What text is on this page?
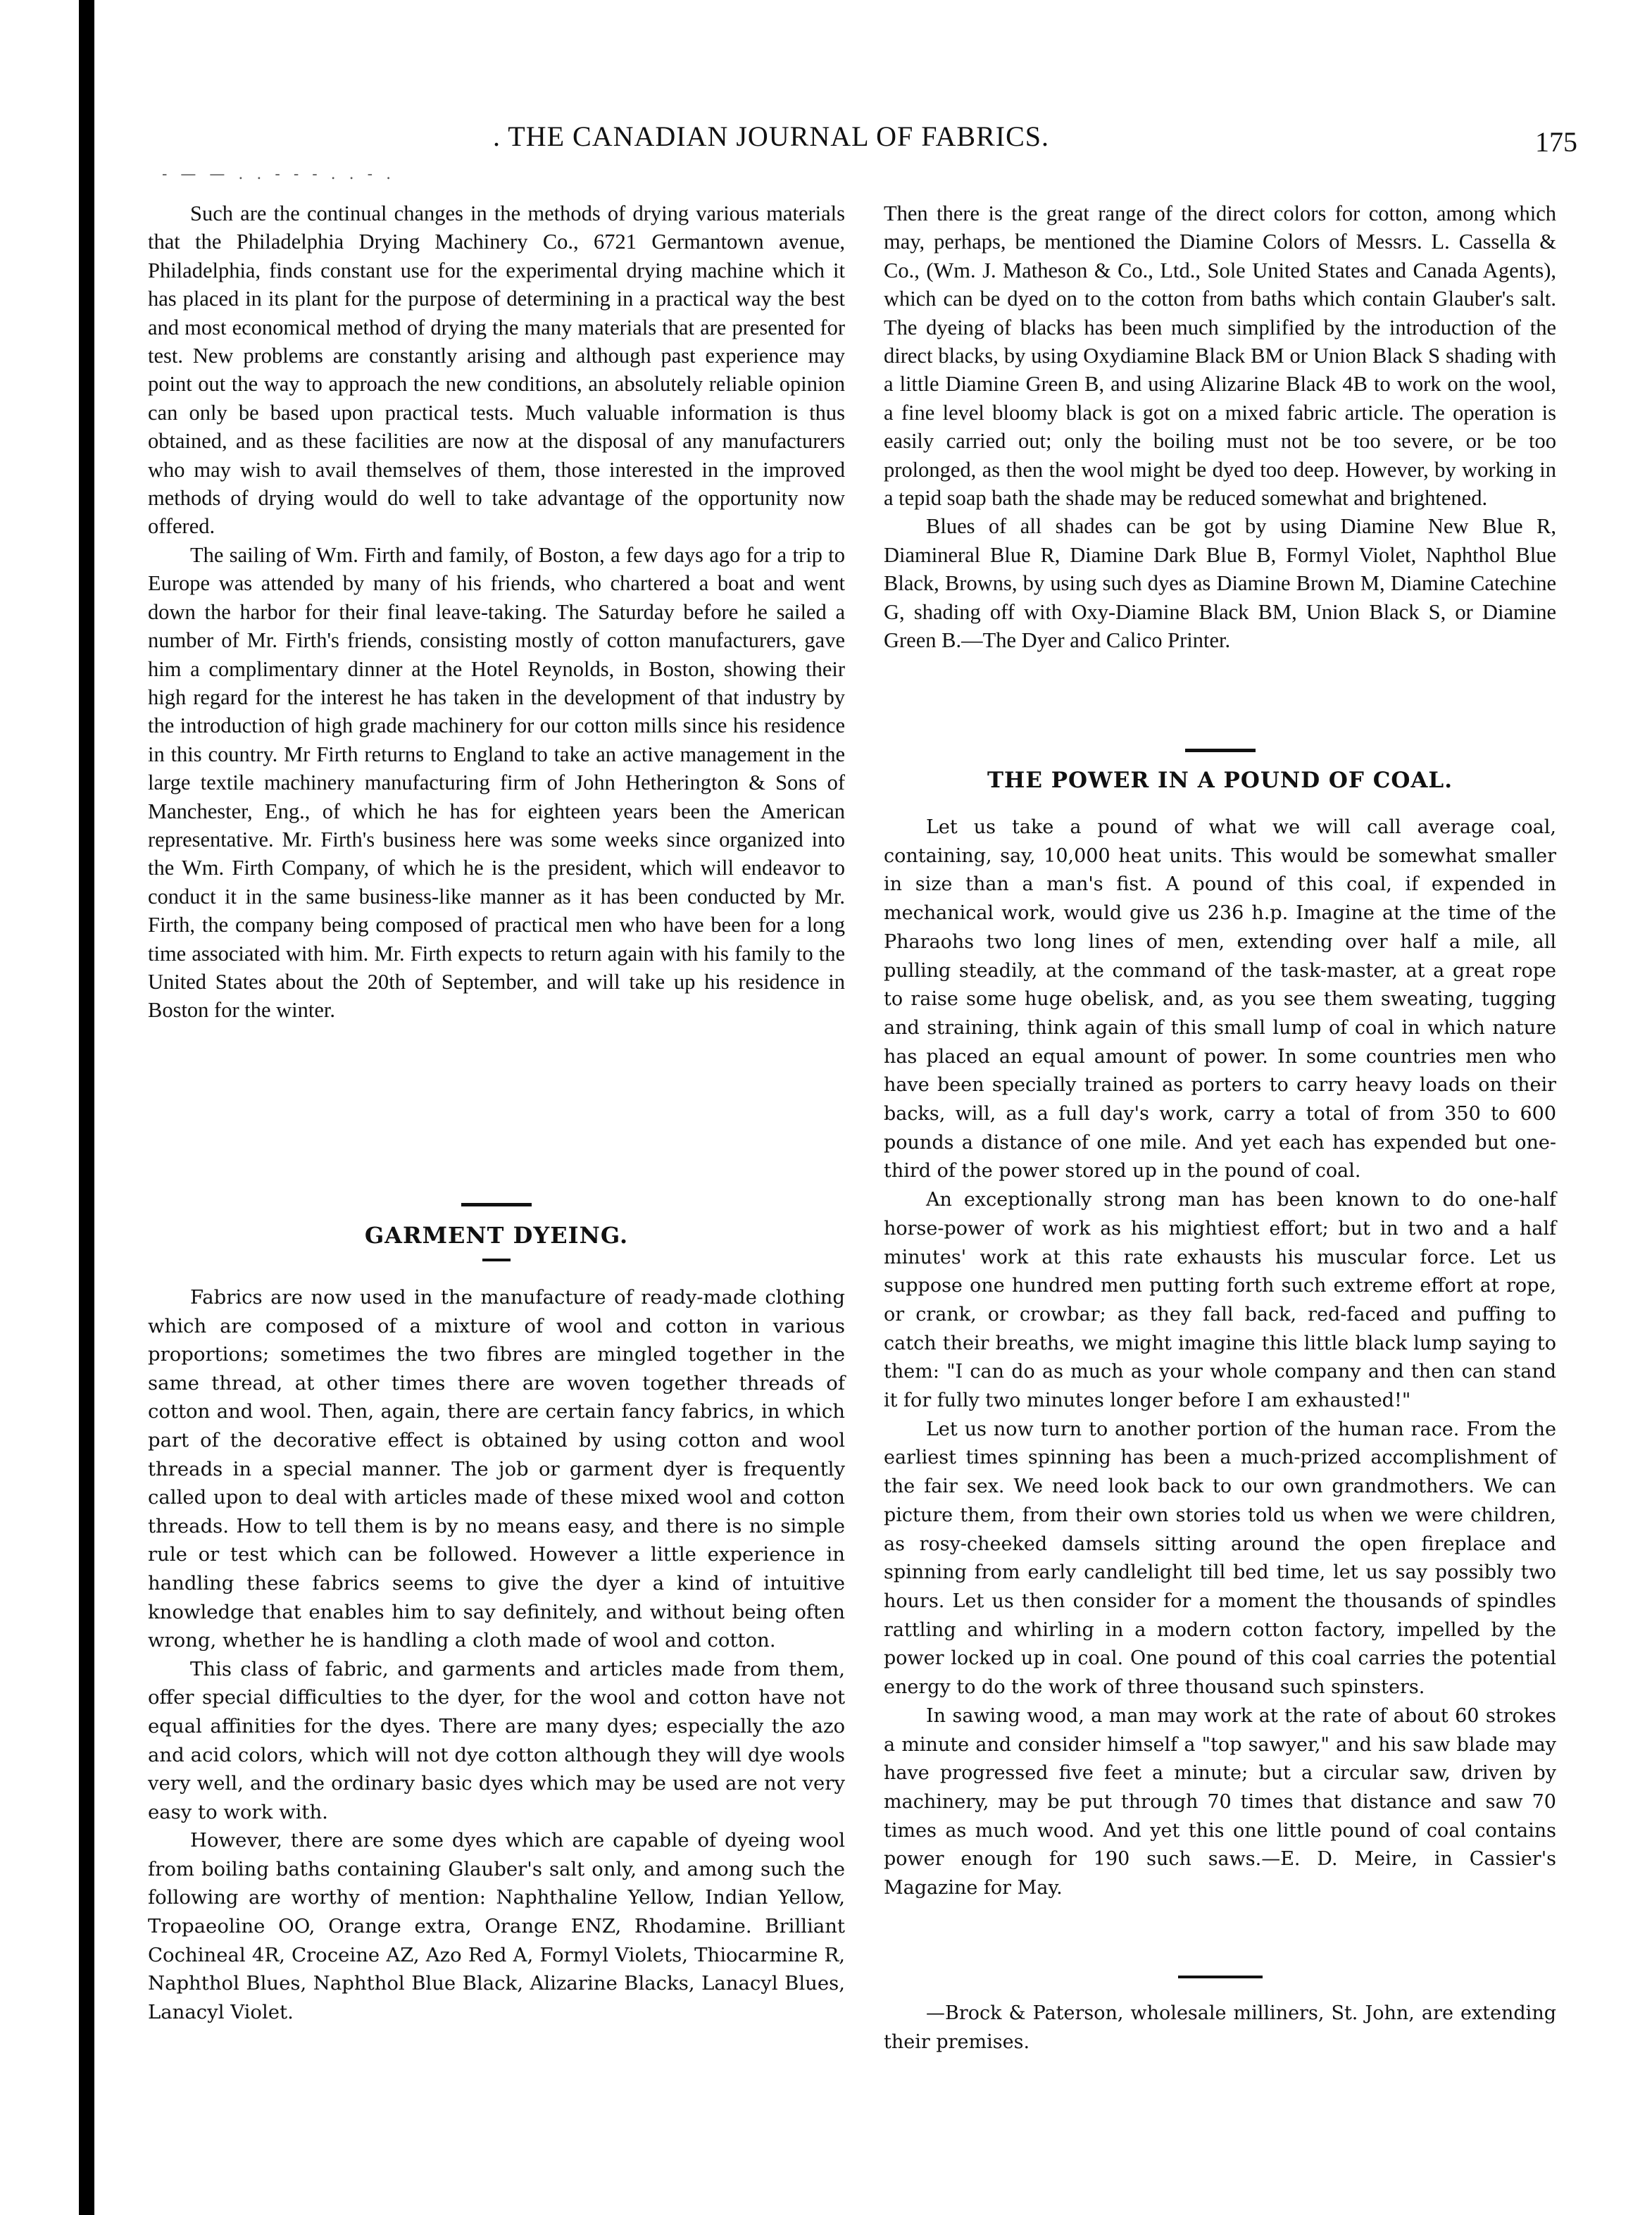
. THE CANADIAN JOURNAL OF FABRICS.	175
- — — . . - - - . . - .

Such are the continual changes in the methods of drying various materials that the Philadelphia Drying Machinery Co., 6721 Germantown avenue, Philadelphia, finds constant use for the experimental drying machine which it has placed in its plant for the purpose of determining in a practical way the best and most economical method of drying the many materials that are presented for test. New problems are constantly arising and although past experience may point out the way to approach the new conditions, an absolutely reliable opinion can only be based upon practical tests. Much valuable information is thus obtained, and as these facilities are now at the disposal of any manufacturers who may wish to avail themselves of them, those interested in the improved methods of drying would do well to take advantage of the opportunity now offered.

The sailing of Wm. Firth and family, of Boston, a few days ago for a trip to Europe was attended by many of his friends, who chartered a boat and went down the harbor for their final leave-taking. The Saturday before he sailed a number of Mr. Firth's friends, consisting mostly of cotton manufacturers, gave him a complimentary dinner at the Hotel Reynolds, in Boston, showing their high regard for the interest he has taken in the development of that industry by the introduction of high grade machinery for our cotton mills since his residence in this country. Mr Firth returns to England to take an active management in the large textile machinery manufacturing firm of John Hetherington & Sons of Manchester, Eng., of which he has for eighteen years been the American representative. Mr. Firth's business here was some weeks since organized into the Wm. Firth Company, of which he is the president, which will endeavor to conduct it in the same business-like manner as it has been conducted by Mr. Firth, the company being composed of practical men who have been for a long time associated with him. Mr. Firth expects to return again with his family to the United States about the 20th of September, and will take up his residence in Boston for the winter.

GARMENT DYEING.

Fabrics are now used in the manufacture of ready-made clothing which are composed of a mixture of wool and cotton in various proportions; sometimes the two fibres are mingled together in the same thread, at other times there are woven together threads of cotton and wool. Then, again, there are certain fancy fabrics, in which part of the decorative effect is obtained by using cotton and wool threads in a special manner. The job or garment dyer is frequently called upon to deal with articles made of these mixed wool and cotton threads. How to tell them is by no means easy, and there is no simple rule or test which can be followed. However a little experience in handling these fabrics seems to give the dyer a kind of intuitive knowledge that enables him to say definitely, and without being often wrong, whether he is handling a cloth made of wool and cotton.

This class of fabric, and garments and articles made from them, offer special difficulties to the dyer, for the wool and cotton have not equal affinities for the dyes. There are many dyes; especially the azo and acid colors, which will not dye cotton although they will dye wools very well, and the ordinary basic dyes which may be used are not very easy to work with.

However, there are some dyes which are capable of dyeing wool from boiling baths containing Glauber's salt only, and among such the following are worthy of mention: Naphthaline Yellow, Indian Yellow, Tropaeoline OO, Orange extra, Orange ENZ, Rhodamine. Brilliant Cochineal 4R, Croceine AZ, Azo Red A, Formyl Violets, Thiocarmine R, Naphthol Blues, Naphthol Blue Black, Alizarine Blacks, Lanacyl Blues, Lanacyl Violet.

Then there is the great range of the direct colors for cotton, among which may, perhaps, be mentioned the Diamine Colors of Messrs. L. Cassella & Co., (Wm. J. Matheson & Co., Ltd., Sole United States and Canada Agents), which can be dyed on to the cotton from baths which contain Glauber's salt. The dyeing of blacks has been much simplified by the introduction of the direct blacks, by using Oxydiamine Black BM or Union Black S shading with a little Diamine Green B, and using Alizarine Black 4B to work on the wool, a fine level bloomy black is got on a mixed fabric article. The operation is easily carried out; only the boiling must not be too severe, or be too prolonged, as then the wool might be dyed too deep. However, by working in a tepid soap bath the shade may be reduced somewhat and brightened.

Blues of all shades can be got by using Diamine New Blue R, Diamineral Blue R, Diamine Dark Blue B, Formyl Violet, Naphthol Blue Black, Browns, by using such dyes as Diamine Brown M, Diamine Catechine G, shading off with Oxy-Diamine Black BM, Union Black S, or Diamine Green B.—The Dyer and Calico Printer.

THE POWER IN A POUND OF COAL.

Let us take a pound of what we will call average coal, containing, say, 10,000 heat units. This would be somewhat smaller in size than a man's fist. A pound of this coal, if expended in mechanical work, would give us 236 h.p. Imagine at the time of the Pharaohs two long lines of men, extending over half a mile, all pulling steadily, at the command of the task-master, at a great rope to raise some huge obelisk, and, as you see them sweating, tugging and straining, think again of this small lump of coal in which nature has placed an equal amount of power. In some countries men who have been specially trained as porters to carry heavy loads on their backs, will, as a full day's work, carry a total of from 350 to 600 pounds a distance of one mile. And yet each has expended but one-third of the power stored up in the pound of coal.

An exceptionally strong man has been known to do one-half horse-power of work as his mightiest effort; but in two and a half minutes' work at this rate exhausts his muscular force. Let us suppose one hundred men putting forth such extreme effort at rope, or crank, or crowbar; as they fall back, red-faced and puffing to catch their breaths, we might imagine this little black lump saying to them: "I can do as much as your whole company and then can stand it for fully two minutes longer before I am exhausted!"

Let us now turn to another portion of the human race. From the earliest times spinning has been a much-prized accomplishment of the fair sex. We need look back to our own grandmothers. We can picture them, from their own stories told us when we were children, as rosy-cheeked damsels sitting around the open fireplace and spinning from early candlelight till bed time, let us say possibly two hours. Let us then consider for a moment the thousands of spindles rattling and whirling in a modern cotton factory, impelled by the power locked up in coal. One pound of this coal carries the potential energy to do the work of three thousand such spinsters.

In sawing wood, a man may work at the rate of about 60 strokes a minute and consider himself a "top sawyer," and his saw blade may have progressed five feet a minute; but a circular saw, driven by machinery, may be put through 70 times that distance and saw 70 times as much wood. And yet this one little pound of coal contains power enough for 190 such saws.—E. D. Meire, in Cassier's Magazine for May.

—Brock & Paterson, wholesale milliners, St. John, are extending their premises.
